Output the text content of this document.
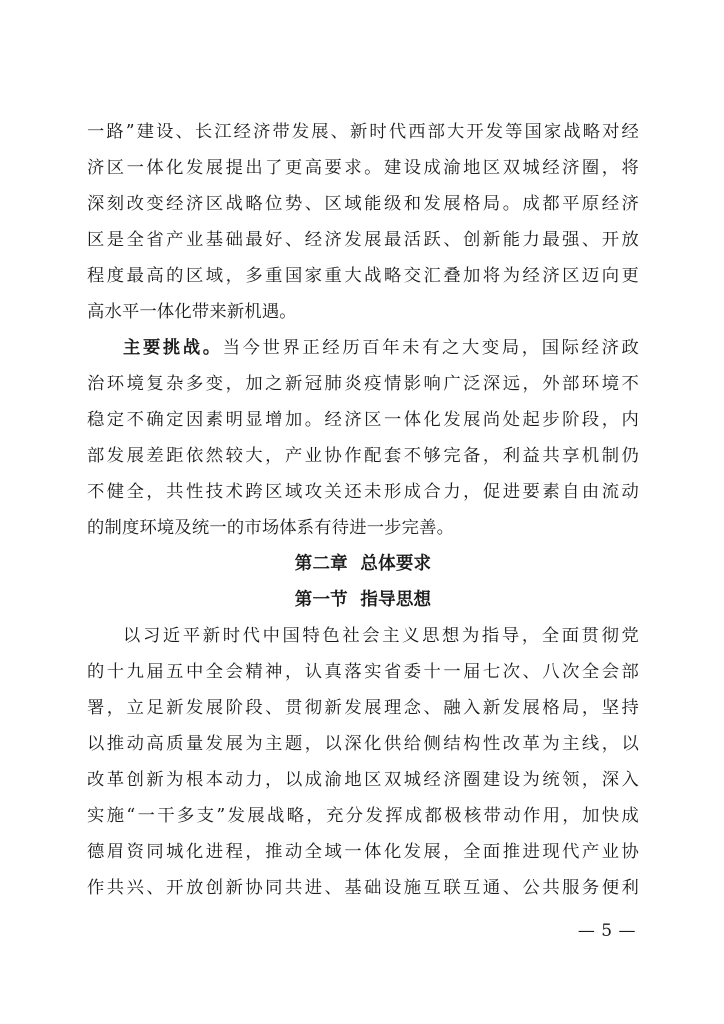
一路”建设、长江经济带发展、新时代西部大开发等国家战略对经
济区一体化发展提出了更高要求。建设成渝地区双城经济圈，将
深刻改变经济区战略位势、区域能级和发展格局。成都平原经济
区是全省产业基础最好、经济发展最活跃、创新能力最强、开放
程度最高的区域，多重国家重大战略交汇叠加将为经济区迈向更
高水平一体化带来新机遇。
主要挑战。当今世界正经历百年未有之大变局，国际经济政
治环境复杂多变，加之新冠肺炎疫情影响广泛深远，外部环境不
稳定不确定因素明显增加。经济区一体化发展尚处起步阶段，内
部发展差距依然较大，产业协作配套不够完备，利益共享机制仍
不健全，共性技术跨区域攻关还未形成合力，促进要素自由流动
的制度环境及统一的市场体系有待进一步完善。
第二章  总体要求
第一节  指导思想
以习近平新时代中国特色社会主义思想为指导，全面贯彻党
的十九届五中全会精神，认真落实省委十一届七次、八次全会部
署，立足新发展阶段、贯彻新发展理念、融入新发展格局，坚持
以推动高质量发展为主题，以深化供给侧结构性改革为主线，以
改革创新为根本动力，以成渝地区双城经济圈建设为统领，深入
实施“一干多支”发展战略，充分发挥成都极核带动作用，加快成
德眉资同城化进程，推动全域一体化发展，全面推进现代产业协
作共兴、开放创新协同共进、基础设施互联互通、公共服务便利
— 5 —
